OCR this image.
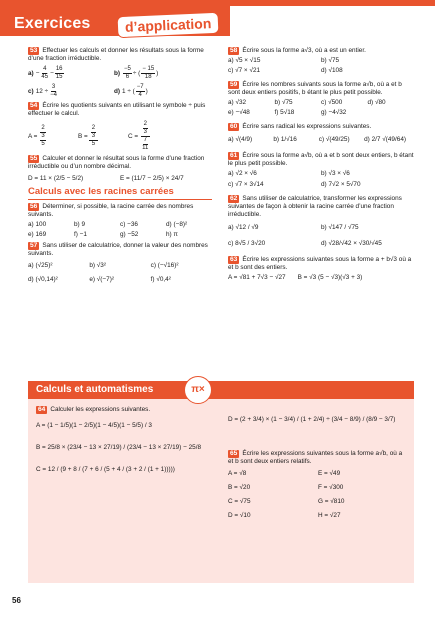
Exercices	d’application
53 Effectuer les calculs et donner les résultats sous la forme d’une fraction irréductible.
$a) - \frac{4}{45} - \frac{16}{15}$	$b) \frac{-5}{6}$ ÷ ( $\frac{- 15}{18}$ )
c) $12 \div \frac{3}{-4}$	d) 1 ÷ ( $\frac{-7}{4}$ )
54 Écrire les quotients suivants en utilisant le symbole ÷ puis effectuer le calcul.
$A = \frac{2}{\frac{3}{5}}$	$B = \frac{\frac{2}{3}}{5}$	$C = \frac{\frac{2}{3}}{\frac{7}{11}}$
55 Calculer et donner le résultat sous la forme d’une fraction irréductible ou d’un nombre décimal.
D = 11 × (2/5 − 5/2)	E = (11/7 − 2/5) × 24/7
Calculs avec les racines carrées
56 Déterminer, si possible, la racine carrée des nombres suivants.
a) 100	b) 9	c) −36	d) (−8)²
e) 169	f) −1	g) −52	h) π
57 Sans utiliser de calculatrice, donner la valeur des nombres suivants.
a) (√25)²	b) √3²	c) (−√16)²
d) (√0,14)²	e) √(−7)²	f) √0,4²
58 Écrire sous la forme a√3, où a est un entier.
a) √5 × √15	b) √75
c) √7 × √21	d) √108
59 Écrire les nombres suivants sous la forme a√b, où a et b sont deux entiers positifs, b étant le plus petit possible.
a) √32	b) √75	c) √500	d) √80
e) −√48	f) 5√18	g) −4√32
60 Écrire sans radical les expressions suivantes.
a) √(4/9)	b) 1/√16	c) √(49/25)	d) 2/7 √(49/64)
61 Écrire sous la forme a√b, où a et b sont deux entiers, b étant le plus petit possible.
a) √2 × √6	b) √3 × √6
c) √7 × 3√14	d) 7√2 × 5√70
62 Sans utiliser de calculatrice, transformer les expressions suivantes de façon à obtenir la racine carrée d’une fraction irréductible.
a) √12 / √9	b) √147 / √75
c) 8√5 / 3√20	d) √28/√42 × √30/√45
63 Écrire les expressions suivantes sous la forme a + b√3 où a et b sont des entiers.
A = √81 + 7√3 − √27 B = √3 (5 − √3)(√3 + 3)
Calculs et automatismes	π×
64 Calculer les expressions suivantes.
A = (1 − 1/5)(1 − 2/5)(1 − 4/5)(1 − 5/5) / 3
B = 25/8 × (23/4 − 13 × 27/19) / (23/4 − 13 × 27/19) − 25/8
C = 12 / (9 + 8 / (7 + 6 / (5 + 4 / (3 + 2 / (1 + 1)))))
D = (2 + 3/4) × (1 − 3/4) / (1 + 2/4) ÷ (3/4 − 8/9) / (8/9 − 3/7)
65 Écrire les expressions suivantes sous la forme a√b, où a et b sont deux entiers relatifs.
A = √8	E = √49
B = √20	F = √300
C = √75	G = √810
D = √10	H = √27
56
